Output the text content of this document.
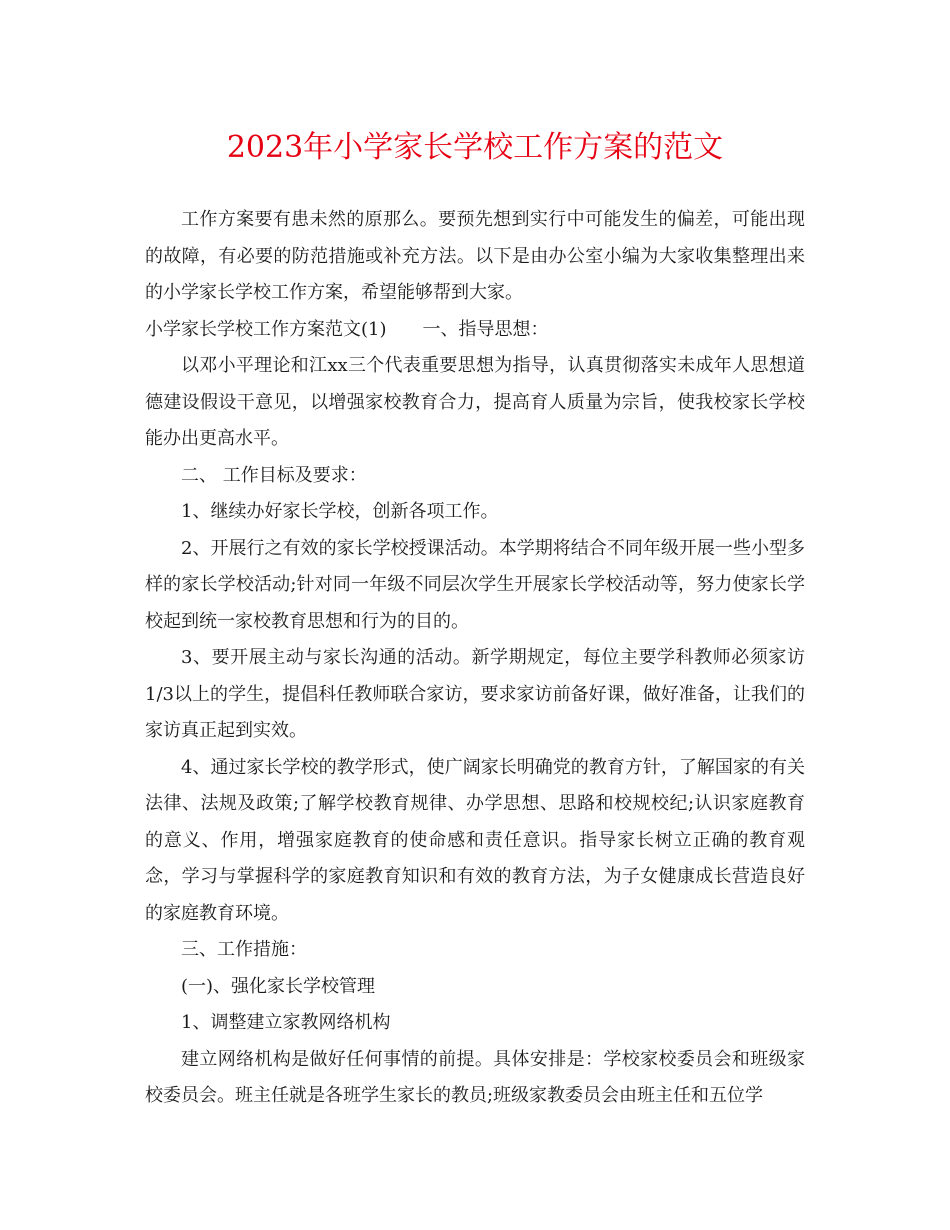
2023年小学家长学校工作方案的范文

工作方案要有患未然的原那么。要预先想到实行中可能发生的偏差，可能出现的故障，有必要的防范措施或补充方法。以下是由办公室小编为大家收集整理出来的小学家长学校工作方案，希望能够帮到大家。

小学家长学校工作方案范文(1) 一、指导思想：

以邓小平理论和江xx三个代表重要思想为指导，认真贯彻落实未成年人思想道德建设假设干意见，以增强家校教育合力，提高育人质量为宗旨，使我校家长学校能办出更高水平。

二、 工作目标及要求：

1、继续办好家长学校，创新各项工作。

2、开展行之有效的家长学校授课活动。本学期将结合不同年级开展一些小型多样的家长学校活动;针对同一年级不同层次学生开展家长学校活动等，努力使家长学校起到统一家校教育思想和行为的目的。

3、要开展主动与家长沟通的活动。新学期规定，每位主要学科教师必须家访1/3以上的学生，提倡科任教师联合家访，要求家访前备好课，做好准备，让我们的家访真正起到实效。

4、通过家长学校的教学形式，使广阔家长明确党的教育方针，了解国家的有关法律、法规及政策;了解学校教育规律、办学思想、思路和校规校纪;认识家庭教育的意义、作用，增强家庭教育的使命感和责任意识。指导家长树立正确的教育观念，学习与掌握科学的家庭教育知识和有效的教育方法，为子女健康成长营造良好的家庭教育环境。

三、工作措施：

(一)、强化家长学校管理

1、调整建立家教网络机构

建立网络机构是做好任何事情的前提。具体安排是：学校家校委员会和班级家校委员会。班主任就是各班学生家长的教员;班级家教委员会由班主任和五位学
